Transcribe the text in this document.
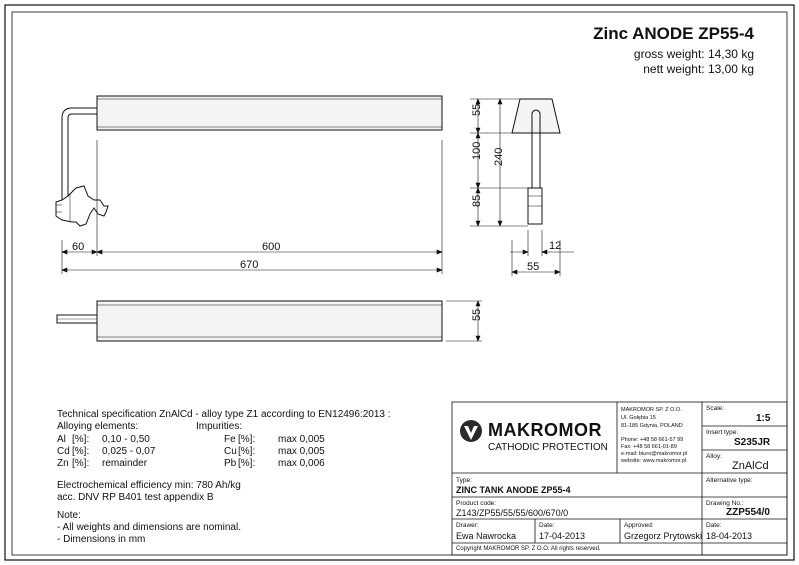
60	600
670
55
100
85
240
12
55
55
Zinc ANODE ZP55-4
gross weight: 14,30 kg
nett weight: 13,00 kg
Technical specification ZnAlCd - alloy type Z1 according to EN12496:2013 :
Alloying elements:	Impurities:
Al [%]: 0,10 - 0,50
Cd [%]: 0,025 - 0,07
Zn [%]: remainder
Fe [%]: max 0,005
Cu [%]: max 0,005
Pb [%]: max 0,006
Electrochemical efficiency min: 780 Ah/kg
acc. DNV RP B401 test appendix B
Note:
- All weights and dimensions are nominal.
- Dimensions in mm
MAKROMOR
CATHODIC PROTECTION
MAKROMOR SP. Z O.O.
Ul. Gołębia 15
81-185 Gdynia, POLAND
Phone: +48 58 661-57 99
Fax: +48 58 661-01-89
e-mail: biuro@makromor.pl
website: www.makromor.pl
Scale:
1:5
Insert type:
S235JR
Alloy:
ZnAlCd
Alternative type:
Type:
ZINC TANK ANODE ZP55-4
Product code:
Z143/ZP55/55/55/600/670/0
Drawing No.:
ZZP554/0
Drawer:
Ewa Nawrocka
Date:
17-04-2013
Approved:
Grzegorz Prytowski
Date:
18-04-2013
Copyright MAKROMOR SP. Z O.O. All rights reserved.
